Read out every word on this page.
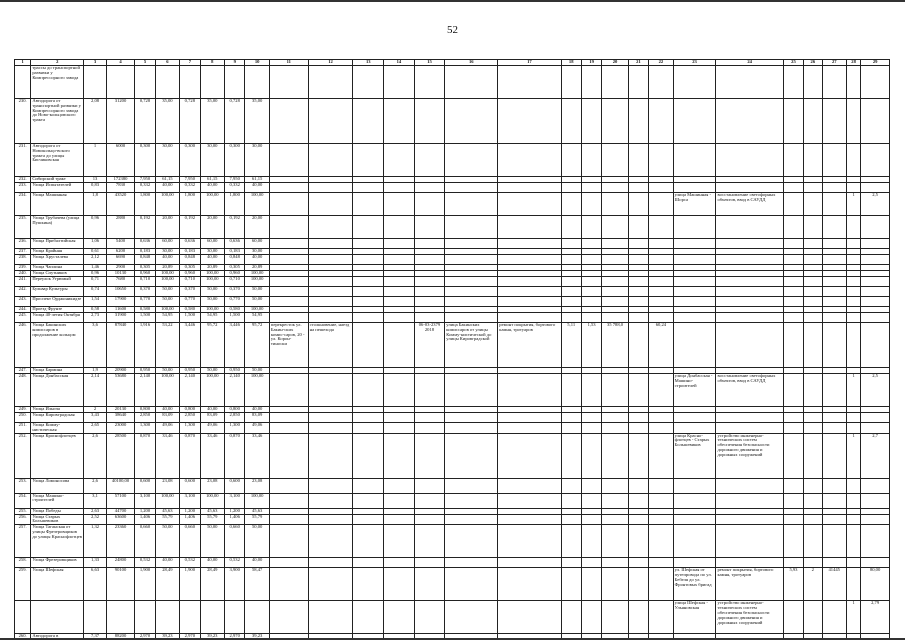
52
1	2	3	4	5	6	7	8	9	10	11	12	13	14	15	16	17	18	19	20	21	22	23	24	25	26	27	28	29
	трассы до транспортной развязки у Компрессорного завода																											
230.	Автодорога от транспортной развязки у Компрессорного завода до Ново-кольцовского тракта	2,08	31200	0,728	35,00	0,728	35,00	0,728	35,00																			
231.	Автодорога от Новокольцо-вского тракта до улицы Бисчиковская	1	6000	0,300	30,00	0,300	30,00	0,300	30,00																			
232.	Сибирский тракт	13	172380	7,950	61,15	7,950	61,15	7,950	61,15																			
233.	Улица Испытателей	0,83	7830	0,332	40,00	0,332	40,00	0,332	40,00																			
234.	Улица Машинная	1,8	43520	1,800	100,00	1,800	100,00	1,800	100,00													улица Машинная - Шорса	восстановление светофорных объектов, ввод в САУДД				1	2,5
235.	Улица Трубачева (улица Пушкина)	0,96	2880	0,192	20,00	0,192	20,00	0,192	20,00																			
236.	Улица Прибалтийская	1,06	5400	0,636	60,00	0,636	60,00	0,636	60,00																			
237.	Улица Крайняя	0,61	6200	0,183	30,00	0,183	30,00	0,183	30,00																			
238.	Улица Хрусталева	2,12	6690	0,848	40,00	0,848	40,00	0,848	40,00																			
239.	Улица Чаплина	1,46	2900	0,305	20,89	0,305	20,89	0,305	20,89																			
240.	Улица Спутников	0,96	10130	0,960	100,00	0,960	100,00	0,960	100,00																			
241.	Переулок Угрюмый	0,71	7680	0,710	100,00	0,710	100,00	0,710	100,00																			
242.	Бульвар Культуры	0,74	10650	0,370	50,00	0,370	50,00	0,370	50,00																			
243.	Проспект Орджоникидзе	1,54	17900	0,770	50,00	0,770	50,00	0,770	50,00																			
244.	Проезд Фрунзе	0,58	11600	0,580	100,00	0,580	100,00	0,580	100,00																			
245.	Улица 40-летия Октября	2,73	31900	1,500	54,95	1,500	54,95	1,500	54,95																			
246.	Улица Бакинских комиссаров в продолжение кольцом	3,6	87840	1,916	53,22	3,446	95,72	3,446	95,72	перекресток ул. Бакин-ских комис-саров, 20 - ул. Корон-тиноски	столкновение, наезд на пешехода			06-03-2379 2018	улица Бакинских комиссаров от улицы Комму-нистической до улицы Кировградской	ремонт покрытия, бортового камня, тротуаров	5,11	1,53	35 788,0		60,24							
247.	Улица Бармина	1,9	20900	0,950	50,00	0,950	50,00	0,950	50,00																			
248.	Улица Донбасская	2,14	53680	2,140	100,00	2,140	100,00	2,140	100,00													улица Донбасская - Машино-строителей	восстановление светофорных объектов, ввод в САУДД				1	2,5
249.	Улица Ильича	2	20130	0,800	40,00	0,800	40,00	0,800	40,00																			
250.	Улица Кировградская	3,43	38640	2,850	83,09	2,850	83,09	2,850	83,09																			
251.	Улица Комму-нистическая	2,65	23000	1,300	49,06	1,300	49,06	1,300	49,06																			
252.	Улица Краснофлотцев	2,6	28500	0,870	33,46	0,870	33,46	0,870	33,46													улица Красно-флотцев - Старых Большевиков	устройство инженерно-технических систем обеспечения безопасности дорожного движения и дорожных сооружений				1	2,7
253.	Улица Ломоносова	2,6	40100,00	0,600	23,08	0,600	23,08	0,600	23,08																			
254.	Улица Машино-строителей	3,1	57100	3,100	100,00	3,100	100,00	3,100	100,00																			
255.	Улица Победы	2,63	44700	1,200	45,63	1,200	45,63	1,200	45,63																			
256.	Улица Старых Большевиков	2,52	63600	1,406	55,79	1,406	55,79	1,406	55,79																			
257.	Улица Таганская от улицы Фрезеровщиков до улицы Краснофлотцев	1,32	23360	0,660	50,00	0,660	50,00	0,660	50,00																			
258.	Улица Фрезеровщиков	1,33	24800	0,532	40,00	0,532	40,00	0,532	40,00																			
259.	Улица Шефская	6,63	90100	1,900	28,49	1,900	28,49	3,900	58,47													ул. Шефская от путепровода по ул. Бебеля до ул. Фронтовых бригад	ремонт покрытия, бортового камня, тротуаров	5,93	2	41445		80,00
																						улица Шефская - Ульяновская	устройство инженерно-технических систем обеспечения безопасности дорожного движения и дорожных сооружений				1	2,79
260.	Автодорога в	7,37	88200	2,970	39,23	2,970	39,23	2,970	39,23																			
